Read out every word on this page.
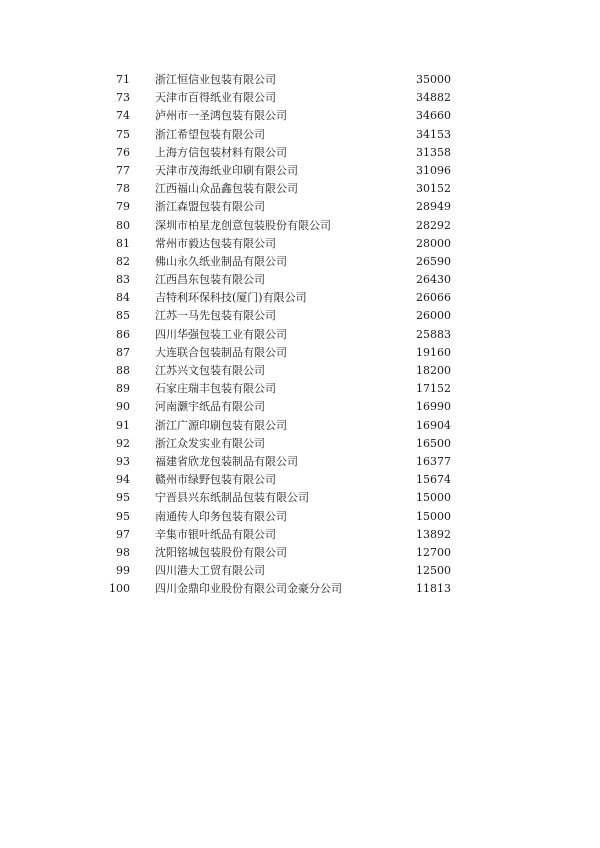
71 浙江恒信业包装有限公司	35000
73 天津市百得纸业有限公司	34882
74 泸州市一圣鸿包装有限公司	34660
75 浙江希望包装有限公司	34153
76 上海方信包装材料有限公司	31358
77 天津市茂海纸业印刷有限公司	31096
78 江西福山众品鑫包装有限公司	30152
79 浙江森盟包装有限公司	28949
80 深圳市柏星龙创意包装股份有限公司	28292
81 常州市毅达包装有限公司	28000
82 佛山永久纸业制品有限公司	26590
83 江西昌东包装有限公司	26430
84 吉特利环保科技(厦门)有限公司	26066
85 江苏一马先包装有限公司	26000
86 四川华强包装工业有限公司	25883
87 大连联合包装制品有限公司	19160
88 江苏兴文包装有限公司	18200
89 石家庄瑞丰包装有限公司	17152
90 河南灏宇纸品有限公司	16990
91 浙江广源印刷包装有限公司	16904
92 浙江众发实业有限公司	16500
93 福建省欣龙包装制品有限公司	16377
94 赣州市绿野包装有限公司	15674
95 宁晋县兴东纸制品包装有限公司	15000
95 南通传人印务包装有限公司	15000
97 辛集市银叶纸品有限公司	13892
98 沈阳铭城包装股份有限公司	12700
99 四川港大工贸有限公司	12500
100 四川金鼎印业股份有限公司金豪分公司	11813
